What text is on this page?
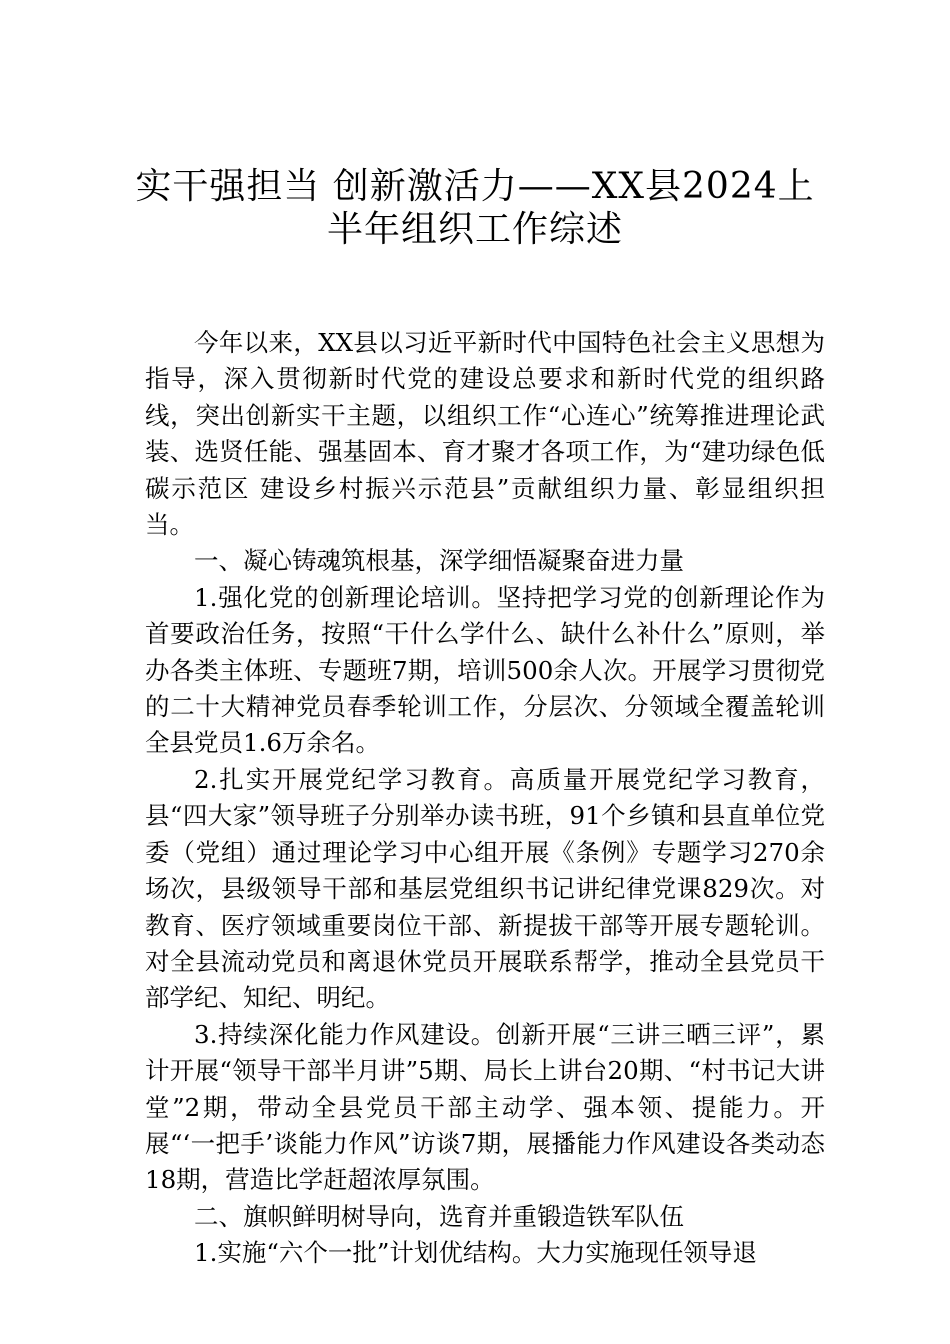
实干强担当 创新激活力——XX县2024上
半年组织工作综述

今年以来，XX县以习近平新时代中国特色社会主义思想为指导，深入贯彻新时代党的建设总要求和新时代党的组织路线，突出创新实干主题，以组织工作“心连心”统筹推进理论武装、选贤任能、强基固本、育才聚才各项工作，为“建功绿色低碳示范区 建设乡村振兴示范县”贡献组织力量、彰显组织担当。

一、凝心铸魂筑根基，深学细悟凝聚奋进力量

1.强化党的创新理论培训。坚持把学习党的创新理论作为首要政治任务，按照“干什么学什么、缺什么补什么”原则，举办各类主体班、专题班7期，培训500余人次。开展学习贯彻党的二十大精神党员春季轮训工作，分层次、分领域全覆盖轮训全县党员1.6万余名。

2.扎实开展党纪学习教育。高质量开展党纪学习教育，县“四大家”领导班子分别举办读书班，91个乡镇和县直单位党委（党组）通过理论学习中心组开展《条例》专题学习270余场次，县级领导干部和基层党组织书记讲纪律党课829次。对教育、医疗领域重要岗位干部、新提拔干部等开展专题轮训。对全县流动党员和离退休党员开展联系帮学，推动全县党员干部学纪、知纪、明纪。

3.持续深化能力作风建设。创新开展“三讲三晒三评”，累计开展“领导干部半月讲”5期、局长上讲台20期、“村书记大讲堂”2期，带动全县党员干部主动学、强本领、提能力。开展“‘一把手’谈能力作风”访谈7期，展播能力作风建设各类动态18期，营造比学赶超浓厚氛围。

二、旗帜鲜明树导向，选育并重锻造铁军队伍

1.实施“六个一批”计划优结构。大力实施现任领导退
